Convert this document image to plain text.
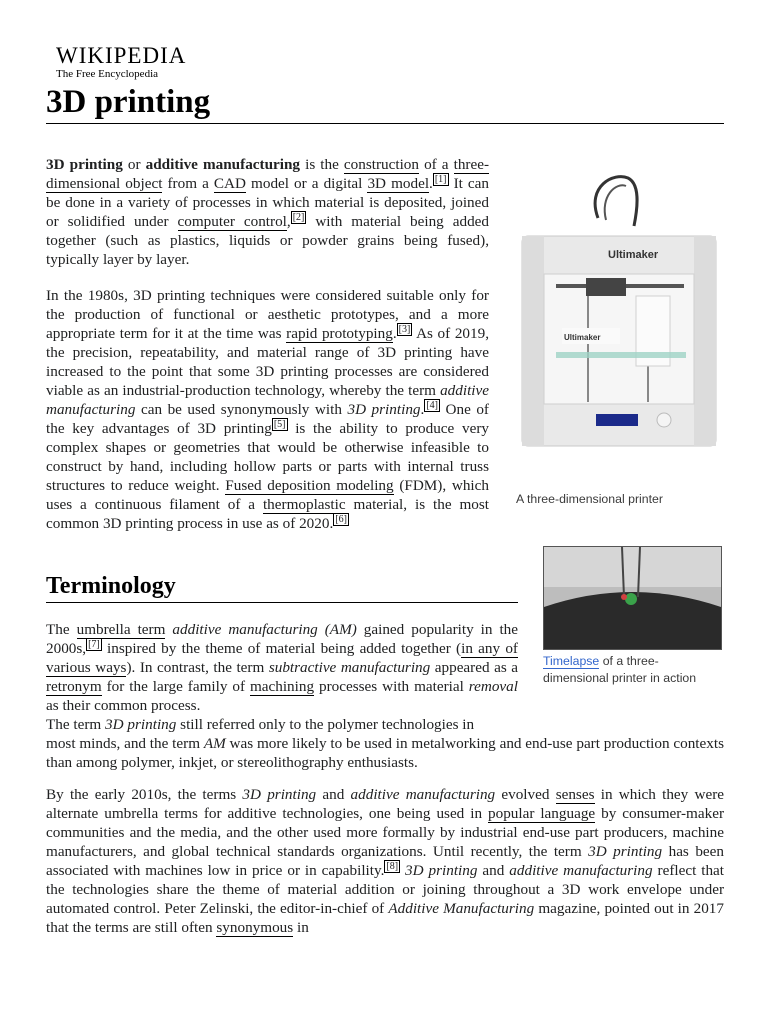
WIKIPEDIA
The Free Encyclopedia
3D printing

3D printing or additive manufacturing is the construction of a three-dimensional object from a CAD model or a digital 3D model. [1] It can be done in a variety of processes in which material is deposited, joined or solidified under computer control, [2] with material being added together (such as plastics, liquids or powder grains being fused), typically layer by layer.

In the 1980s, 3D printing techniques were considered suitable only for the production of functional or aesthetic prototypes, and a more appropriate term for it at the time was rapid prototyping. [3] As of 2019, the precision, repeatability, and material range of 3D printing have increased to the point that some 3D printing processes are considered viable as an industrial-production technology, whereby the term additive manufacturing can be used synonymously with 3D printing. [4] One of the key advantages of 3D printing [5] is the ability to produce very complex shapes or geometries that would be otherwise infeasible to construct by hand, including hollow parts or parts with internal truss structures to reduce weight. Fused deposition modeling (FDM), which uses a continuous filament of a thermoplastic material, is the most common 3D printing process in use as of 2020. [6]

Ultimaker
Ultimaker
A three-dimensional printer
Terminology
Timelapse of a three-dimensional printer in action

The umbrella term additive manufacturing (AM) gained popularity in the 2000s, [7] inspired by the theme of material being added together (in any of various ways). In contrast, the term subtractive manufacturing appeared as a retronym for the large family of machining processes with material removal as their common process.
The term 3D printing still referred only to the polymer technologies in

most minds, and the term AM was more likely to be used in metalworking and end-use part production contexts than among polymer, inkjet, or stereolithography enthusiasts.

By the early 2010s, the terms 3D printing and additive manufacturing evolved senses in which they were alternate umbrella terms for additive technologies, one being used in popular language by consumer-maker communities and the media, and the other used more formally by industrial end-use part producers, machine manufacturers, and global technical standards organizations. Until recently, the term 3D printing has been associated with machines low in price or in capability. [8] 3D printing and additive manufacturing reflect that the technologies share the theme of material addition or joining throughout a 3D work envelope under automated control. Peter Zelinski, the editor-in-chief of Additive Manufacturing magazine, pointed out in 2017 that the terms are still often synonymous in
